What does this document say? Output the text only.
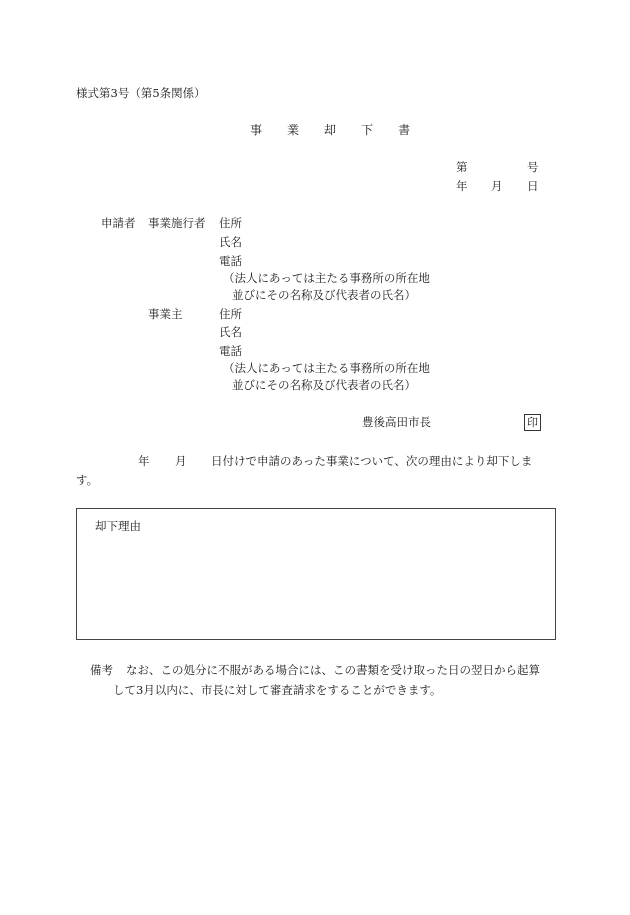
様式第3号（第5条関係）
事 業 却 下 書
第	号
年 月 日
申請者 事業施行者 住所
氏名
電話
（法人にあっては主たる事務所の所在地
並びにその名称及び代表者の氏名）
事業主	住所
氏名
電話
（法人にあっては主たる事務所の所在地
並びにその名称及び代表者の氏名）
豊後高田市長	印
年 月 日付けで申請のあった事業について、次の理由により却下しま
す。
却下理由
備考 なお、この処分に不服がある場合には、この書類を受け取った日の翌日から起算
して3月以内に、市長に対して審査請求をすることができます。
